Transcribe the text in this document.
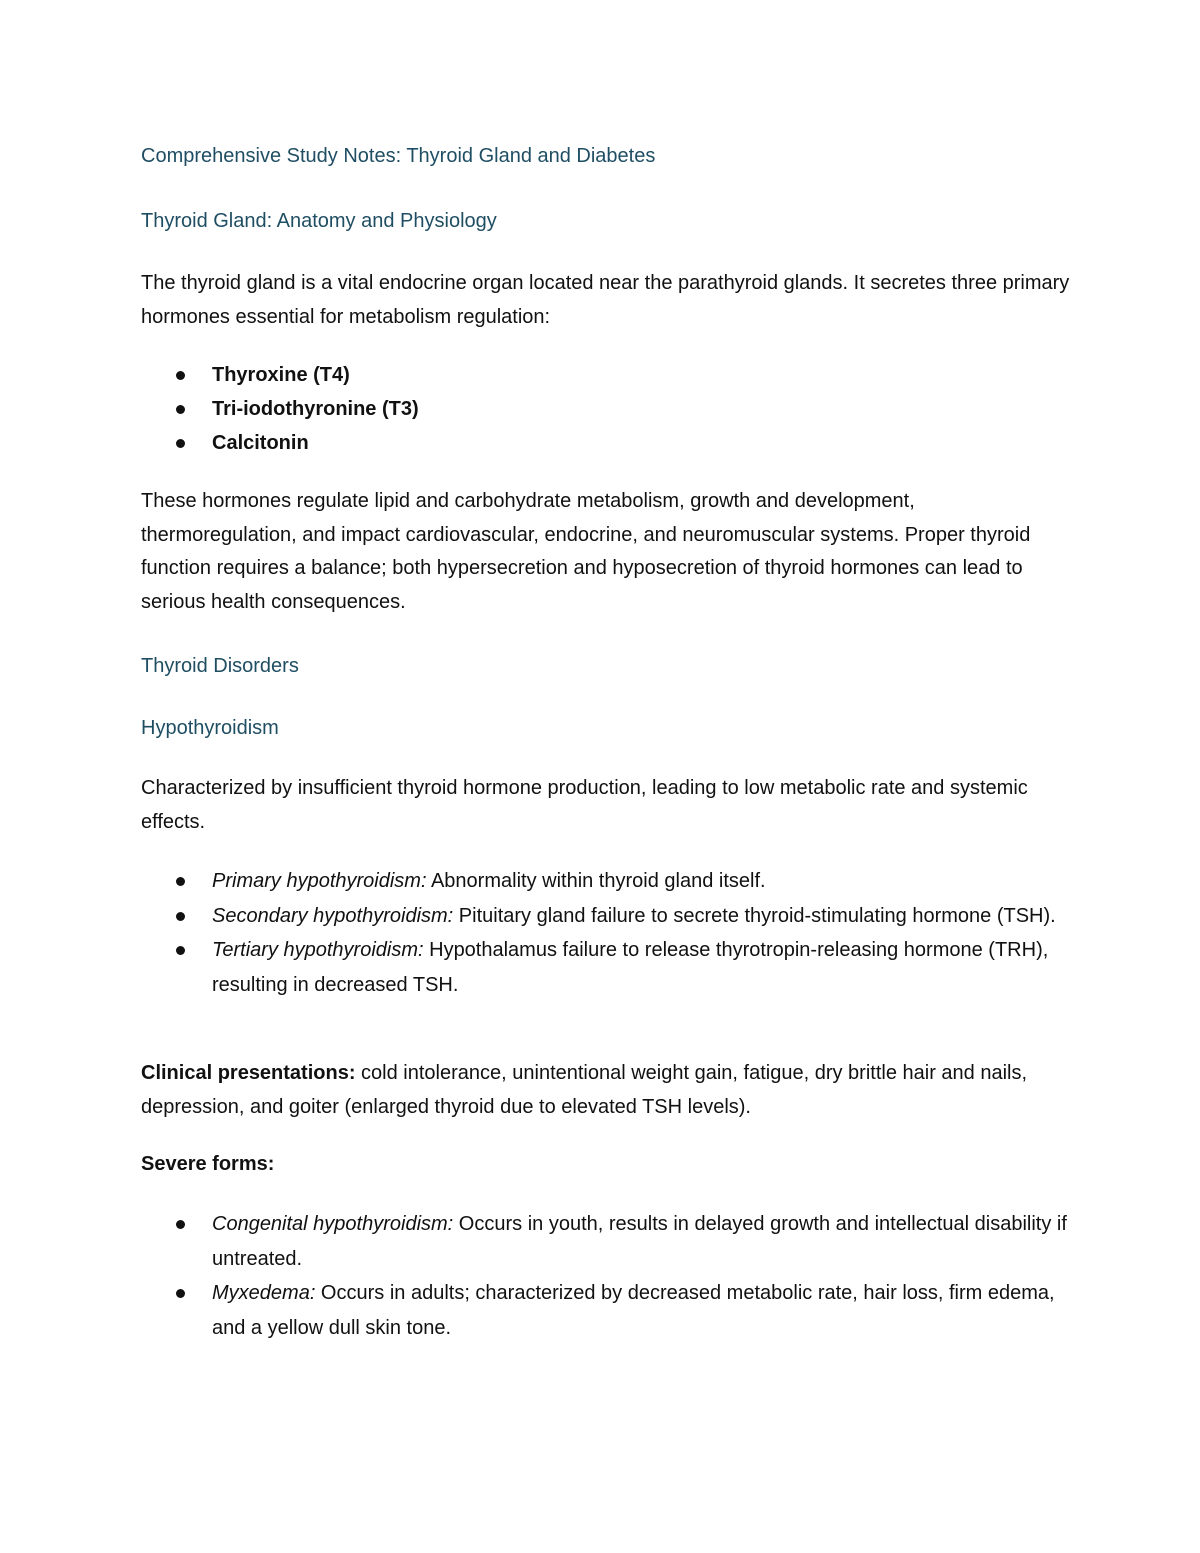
Comprehensive Study Notes: Thyroid Gland and Diabetes
Thyroid Gland: Anatomy and Physiology
The thyroid gland is a vital endocrine organ located near the parathyroid glands. It secretes three primary hormones essential for metabolism regulation:
Thyroxine (T4)
Tri-iodothyronine (T3)
Calcitonin
These hormones regulate lipid and carbohydrate metabolism, growth and development, thermoregulation, and impact cardiovascular, endocrine, and neuromuscular systems. Proper thyroid function requires a balance; both hypersecretion and hyposecretion of thyroid hormones can lead to serious health consequences.
Thyroid Disorders
Hypothyroidism
Characterized by insufficient thyroid hormone production, leading to low metabolic rate and systemic effects.
Primary hypothyroidism: Abnormality within thyroid gland itself.
Secondary hypothyroidism: Pituitary gland failure to secrete thyroid-stimulating hormone (TSH).
Tertiary hypothyroidism: Hypothalamus failure to release thyrotropin-releasing hormone (TRH), resulting in decreased TSH.
Clinical presentations: cold intolerance, unintentional weight gain, fatigue, dry brittle hair and nails, depression, and goiter (enlarged thyroid due to elevated TSH levels).
Severe forms:
Congenital hypothyroidism: Occurs in youth, results in delayed growth and intellectual disability if untreated.
Myxedema: Occurs in adults; characterized by decreased metabolic rate, hair loss, firm edema, and a yellow dull skin tone.
